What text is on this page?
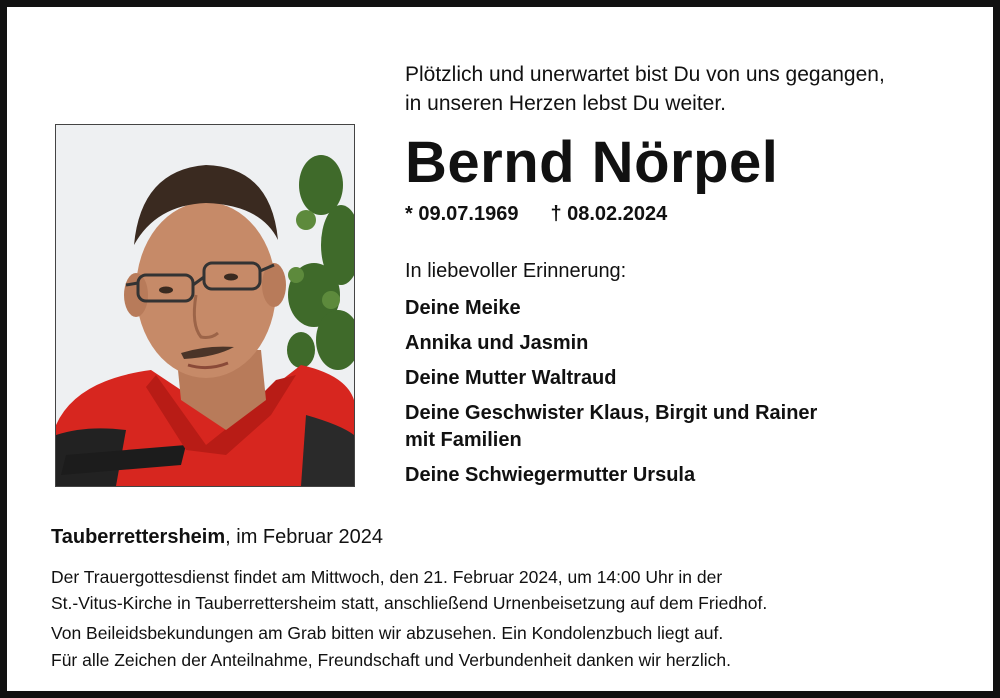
Plötzlich und unerwartet bist Du von uns gegangen,
in unseren Herzen lebst Du weiter.
Bernd Nörpel
* 09.07.1969 † 08.02.2024
In liebevoller Erinnerung:
Deine Meike
Annika und Jasmin
Deine Mutter Waltraud
Deine Geschwister Klaus, Birgit und Rainer
mit Familien
Deine Schwiegermutter Ursula
Tauberrettersheim, im Februar 2024
Der Trauergottesdienst findet am Mittwoch, den 21. Februar 2024, um 14:00 Uhr in der
St.-Vitus-Kirche in Tauberrettersheim statt, anschließend Urnenbeisetzung auf dem Friedhof.
Von Beileidsbekundungen am Grab bitten wir abzusehen. Ein Kondolenzbuch liegt auf.
Für alle Zeichen der Anteilnahme, Freundschaft und Verbundenheit danken wir herzlich.
